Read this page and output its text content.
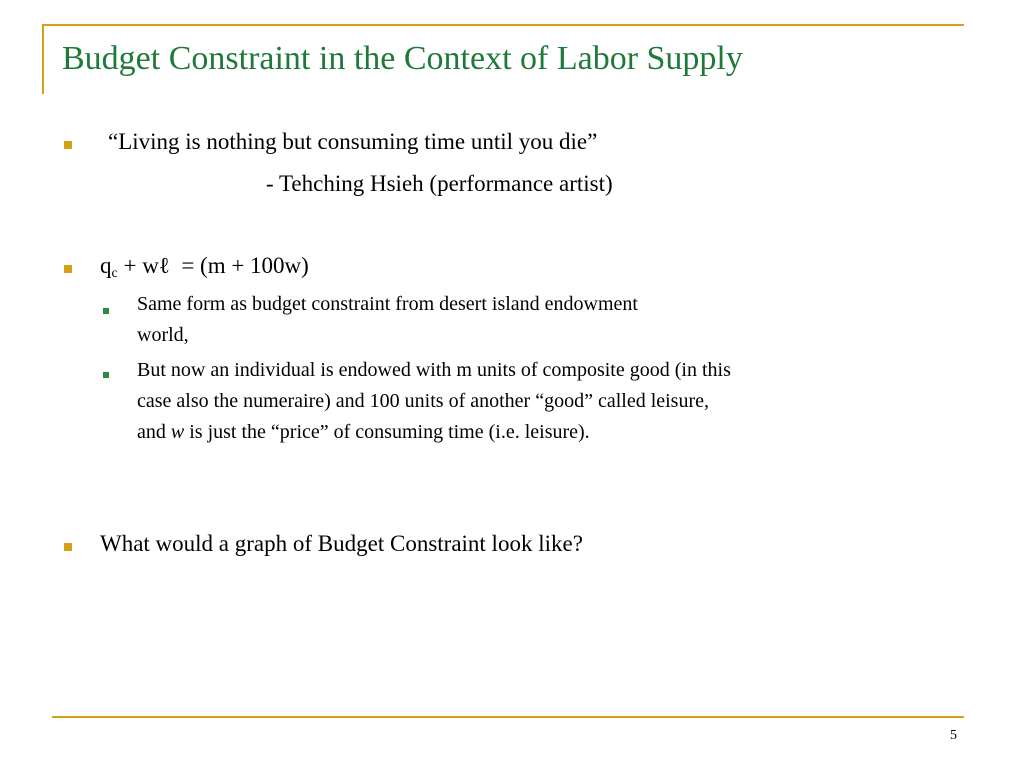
Budget Constraint in the Context of Labor Supply
“Living is nothing but consuming time until you die”
- Tehching Hsieh (performance artist)
$q_c$ + wℓ  = (m + 100w)
Same form as budget constraint from desert island endowment world,
But now an individual is endowed with m units of composite good (in this case also the numeraire) and 100 units of another “good” called leisure, and w is just the “price” of consuming time (i.e. leisure).
What would a graph of Budget Constraint look like?
5
